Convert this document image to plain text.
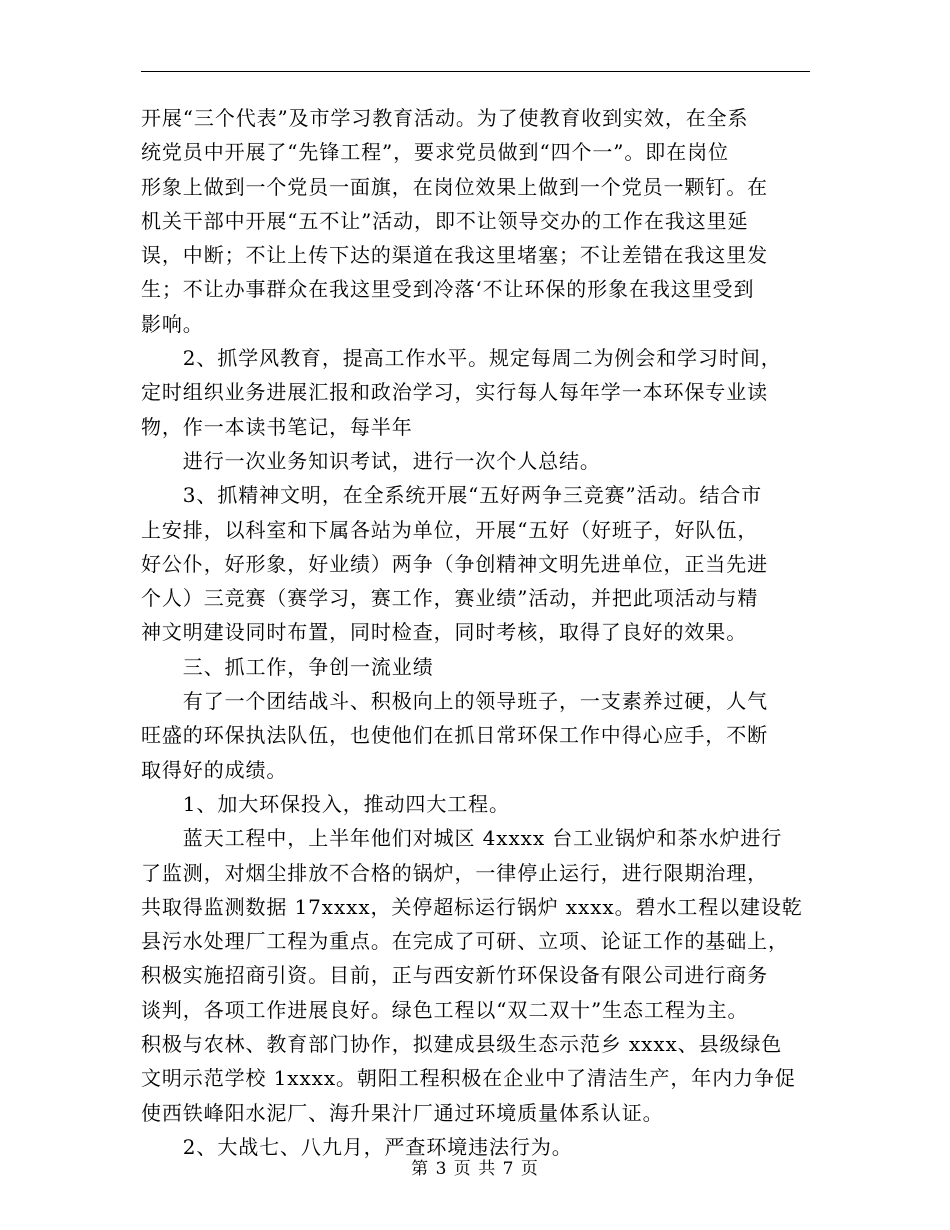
开展“三个代表”及市学习教育活动。为了使教育收到实效，在全系
统党员中开展了“先锋工程”，要求党员做到“四个一”。即在岗位
形象上做到一个党员一面旗，在岗位效果上做到一个党员一颗钉。在
机关干部中开展“五不让”活动，即不让领导交办的工作在我这里延
误，中断；不让上传下达的渠道在我这里堵塞；不让差错在我这里发
生；不让办事群众在我这里受到冷落‘不让环保的形象在我这里受到
影响。
　　2、抓学风教育，提高工作水平。规定每周二为例会和学习时间，
定时组织业务进展汇报和政治学习，实行每人每年学一本环保专业读
物，作一本读书笔记，每半年
　　进行一次业务知识考试，进行一次个人总结。
　　3、抓精神文明，在全系统开展“五好两争三竞赛”活动。结合市
上安排，以科室和下属各站为单位，开展“五好（好班子，好队伍，
好公仆，好形象，好业绩）两争（争创精神文明先进单位，正当先进
个人）三竞赛（赛学习，赛工作，赛业绩”活动，并把此项活动与精
神文明建设同时布置，同时检查，同时考核，取得了良好的效果。
　　三、抓工作，争创一流业绩
　　有了一个团结战斗、积极向上的领导班子，一支素养过硬，人气
旺盛的环保执法队伍，也使他们在抓日常环保工作中得心应手，不断
取得好的成绩。
　　1、加大环保投入，推动四大工程。
　　蓝天工程中，上半年他们对城区 4xxxx 台工业锅炉和茶水炉进行
了监测，对烟尘排放不合格的锅炉，一律停止运行，进行限期治理，
共取得监测数据 17xxxx，关停超标运行锅炉 xxxx。碧水工程以建设乾
县污水处理厂工程为重点。在完成了可研、立项、论证工作的基础上，
积极实施招商引资。目前，正与西安新竹环保设备有限公司进行商务
谈判，各项工作进展良好。绿色工程以“双二双十”生态工程为主。
积极与农林、教育部门协作，拟建成县级生态示范乡 xxxx、县级绿色
文明示范学校 1xxxx。朝阳工程积极在企业中了清洁生产，年内力争促
使西铁峰阳水泥厂、海升果汁厂通过环境质量体系认证。
　　2、大战七、八九月，严查环境违法行为。
第 3 页 共 7 页
